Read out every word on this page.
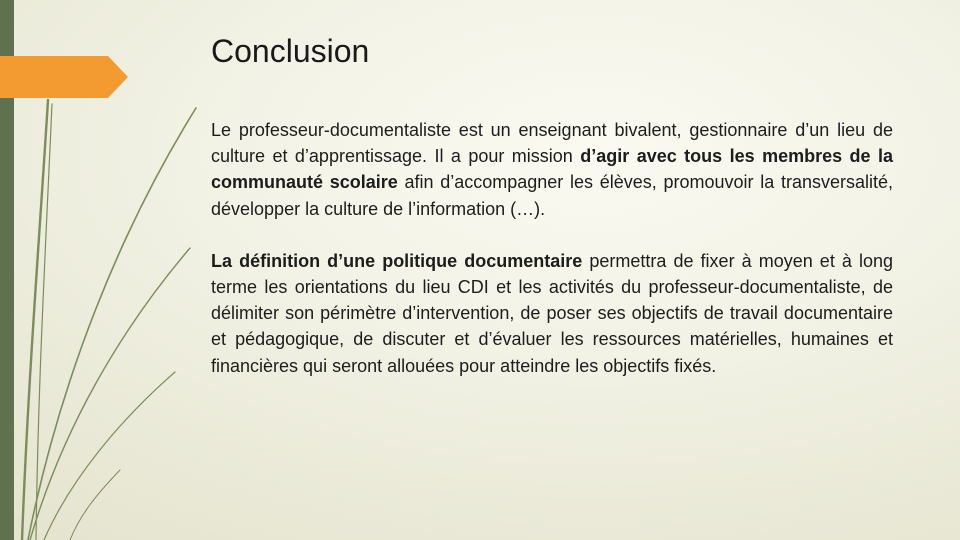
Conclusion

Le professeur-documentaliste est un enseignant bivalent, gestionnaire d’un lieu de culture et d’apprentissage. Il a pour mission d’agir avec tous les membres de la communauté scolaire afin d’accompagner les élèves, promouvoir la transversalité, développer la culture de l’information (…).

La définition d’une politique documentaire permettra de fixer à moyen et à long terme les orientations du lieu CDI et les activités du professeur-documentaliste, de délimiter son périmètre d’intervention, de poser ses objectifs de travail documentaire et pédagogique, de discuter et d’évaluer les ressources matérielles, humaines et financières qui seront allouées pour atteindre les objectifs fixés.
